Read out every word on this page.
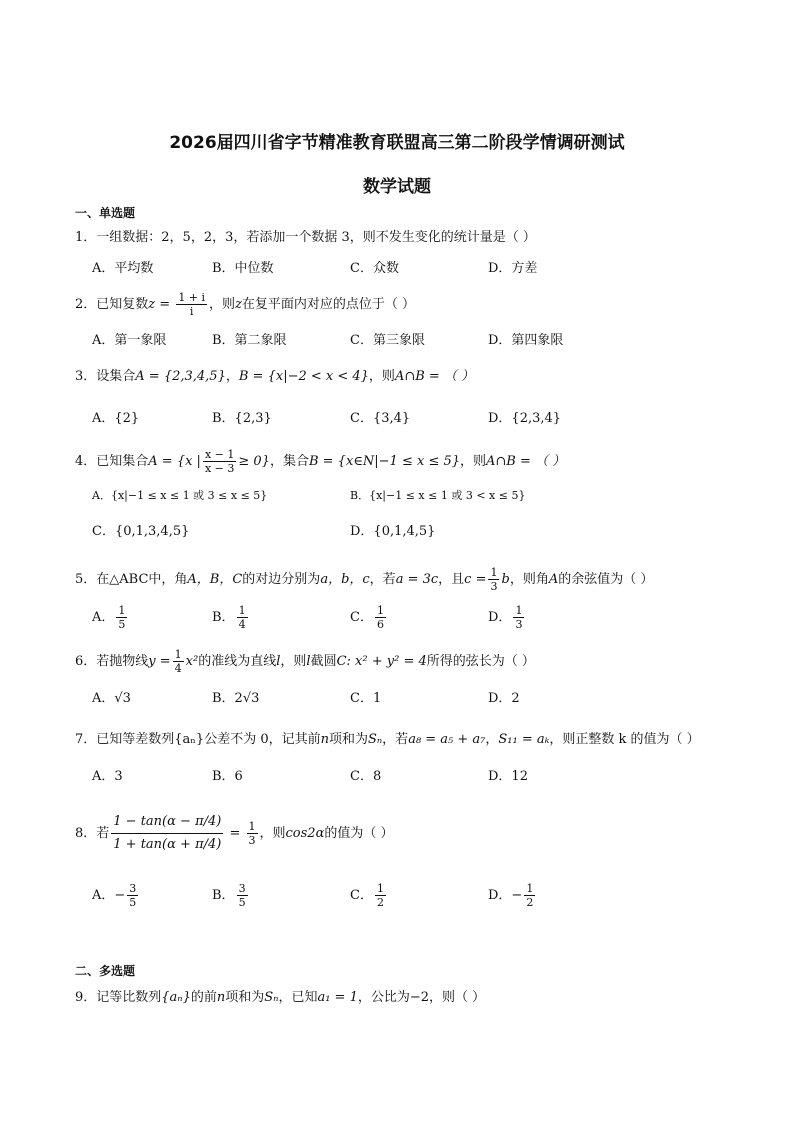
2026届四川省字节精准教育联盟高三第二阶段学情调研测试
数学试题
一、单选题
1．一组数据：2，5，2，3，若添加一个数据 3，则不发生变化的统计量是（ ）
A．平均数	B．中位数	C．众数	D．方差
2．已知复数$z = \frac{1 + i}{i}$ ，则z在复平面内对应的点位于（ ）
A．第一象限	B．第二象限	C．第三象限	D．第四象限
3．设集合A = {2,3,4,5}，B = {x|−2 < x < 4}，则A∩B = （ ）
A．{2}	B．{2,3}	C．{3,4}	D．{2,3,4}
4．已知集合A = {x | $\frac{x - 1}{x - 3} \ge 0$}，集合B = {x∈N|−1 ≤ x ≤ 5}，则A∩B = （ ）
A．{x|−1 ≤ x ≤ 1 或 3 ≤ x ≤ 5}	B．{x|−1 ≤ x ≤ 1 或 3 < x ≤ 5}
C．{0,1,3,4,5}	D．{0,1,4,5}
5．在△ABC中，角A，B，C的对边分别为a，b，c，若a = 3c，且$c = \frac{1}{3}$ b，则角A的余弦值为（ ）
A． $\frac{1}{5}$	B． $\frac{1}{4}$	C． $\frac{1}{6}$	D． $\frac{1}{3}$
6．若抛物线$y = \frac{1}{4} x^2$的准线为直线l，则l截圆C: x² + y² = 4所得的弦长为（ ）
A．√3	B．2√3	C．1	D．2
7．已知等差数列{aₙ}公差不为 0，记其前n项和为Sₙ，若a₈ = a₅ + a₇，S₁₁ = aₖ，则正整数 k 的值为（ ）
A．3	B．6	C．8	D．12
8．若 $\frac{1 - \tan(\alpha - \pi/4)}{1 + \tan(\alpha + \pi/4)} = \frac{1}{3}$ ，则cos2α的值为（ ）
A．− $\frac{3}{5}$	B． $\frac{3}{5}$	C． $\frac{1}{2}$	D．− $\frac{1}{2}$
二、多选题
9．记等比数列{aₙ}的前n项和为Sₙ，已知a₁ = 1，公比为−2，则（ ）
